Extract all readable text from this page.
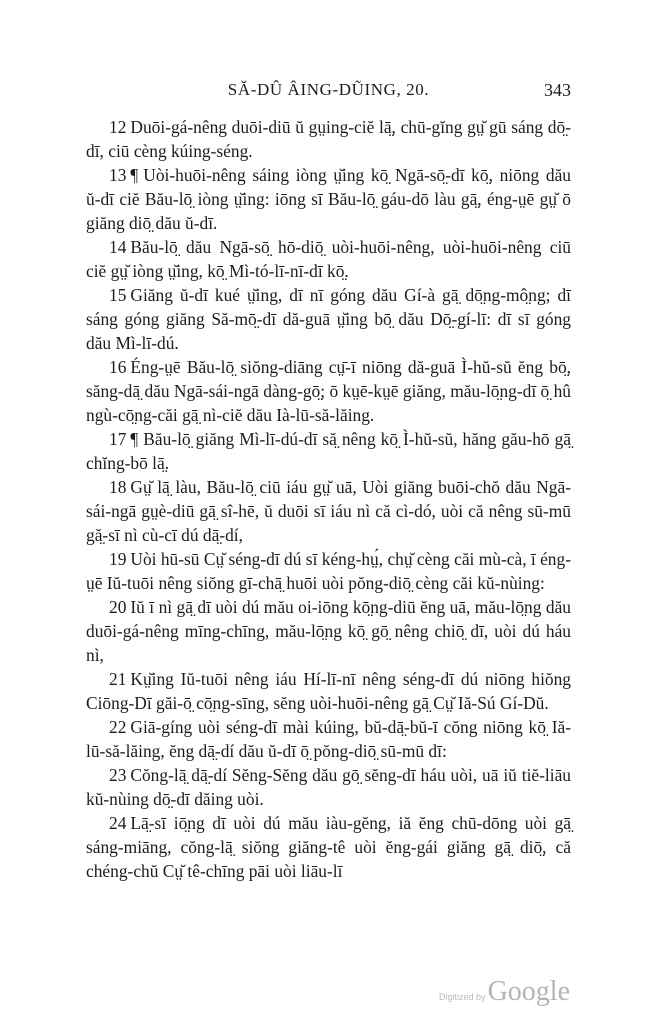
SĂ-DÛ ÂING-DŨING, 20.	343

12 Duōi-gá-nêng duōi-diū ŭ gṳing-ciĕ lā̤, chū-gĭng gṳ̆ gū sáng dō̤-dī, ciū cèng kúing-séng.

13 ¶ Uòi-huōi-nêng sáing iòng ṳ̆ing kō̤ Ngā-sō̤-dī kō̤, niōng dău ŭ-dī ciĕ Bău-lō̤ iòng ṳ̆ing: iōng sī Bău-lō̤ gáu-dō làu gā̤, éng-ṳē gṳ̆ ō giăng diō̤ dău ŭ-dī.

14 Bău-lō̤ dău Ngā-sō̤ hō-diō̤ uòi-huōi-nêng, uòi-huōi-nêng ciū ciĕ gṳ̆ iòng ṳ̆ing, kō̤ Mì-tó-lī-nī-dī kō̤.

15 Giăng ŭ-dī kué ṳ̆ing, dī nī góng dău Gí-à gā̤ dō̤ng-mô̤ng; dī sáng góng giăng Să-mō̤-dī dă-guā ṳ̆ing bō̤ dău Dō̤-gí-lī: dī sī góng dău Mì-lī-dú.

16 Éng-ṳē Bău-lō̤ siŏng-diāng cṳ̄-ī niōng dă-guā Ì-hŭ-sŭ ĕng bō̤, săng-dā̤ dău Ngā-sái-ngā dàng-gō̤; ō kṳē-kṳē giăng, mău-lō̤ng-dī ō̤ hû ngù-cō̤ng-căi gā̤ nì-ciĕ dău Ià-lū-să-lăing.

17 ¶ Bău-lō̤ giăng Mì-lī-dú-dī să̤ nêng kō̤ Ì-hŭ-sŭ, hăng gău-hō gā̤ chĭng-bō lā̤.

18 Gṳ̆ lā̤ làu, Bău-lō̤ ciū iáu gṳ̆ uā, Uòi giăng buōi-chŏ dău Ngā-sái-ngā gṳè-diū gā̤ sî-hē, ŭ duōi sī iáu nì că cì-dó, uòi că nêng sū-mū gă̤-sī nì cù-cī dú dā̤-dí,

19 Uòi hū-sū Cṳ̆ séng-dī dú sī kéng-hṳ́, chṳ̆ cèng căi mù-cà, ī éng-ṳē Iŭ-tuōi nêng siŏng gī-chā̤ huōi uòi pŏng-diō̤ cèng căi kŭ-nùing:

20 Iŭ ī nì gā̤ dī uòi dú mău oi-iōng kō̤ng-diū ĕng uā, mău-lō̤ng dău duōi-gá-nêng mīng-chīng, mău-lō̤ng kō̤ gō̤ nêng chiō̤ dī, uòi dú háu nì,

21 Kṳ̆ing Iŭ-tuōi nêng iáu Hí-lī-nī nêng séng-dī dú niōng hiŏng Ciōng-Dī găi-ō̤ cō̤ng-sīng, sĕng uòi-huōi-nêng gā̤ Cṳ̆ Iă-Sú Gí-Dŭ.

22 Giā-gíng uòi séng-dī mài kúing, bŭ-dā̤-bŭ-ī cŏng niōng kō̤ Iă-lū-să-lăing, ĕng dā̤-dí dău ŭ-dī ō̤ pŏng-diō̤ sū-mū dī:

23 Cŏng-lā̤ dā̤-dí Sĕng-Sĕng dău gō̤ sĕng-dī háu uòi, uā iŭ tiĕ-liāu kŭ-nùing dō̤-dī dăing uòi.

24 Lā̤-sī iō̤ng dī uòi dú mău iàu-gĕng, iă ĕng chū-dōng uòi gā̤ sáng-miāng, cŏng-lā̤ siŏng giăng-tê uòi ĕng-gái giăng gā̤ diō̤, că chéng-chŭ Cṳ̆ tê-chīng pāi uòi liāu-lī

Digitized by Google
